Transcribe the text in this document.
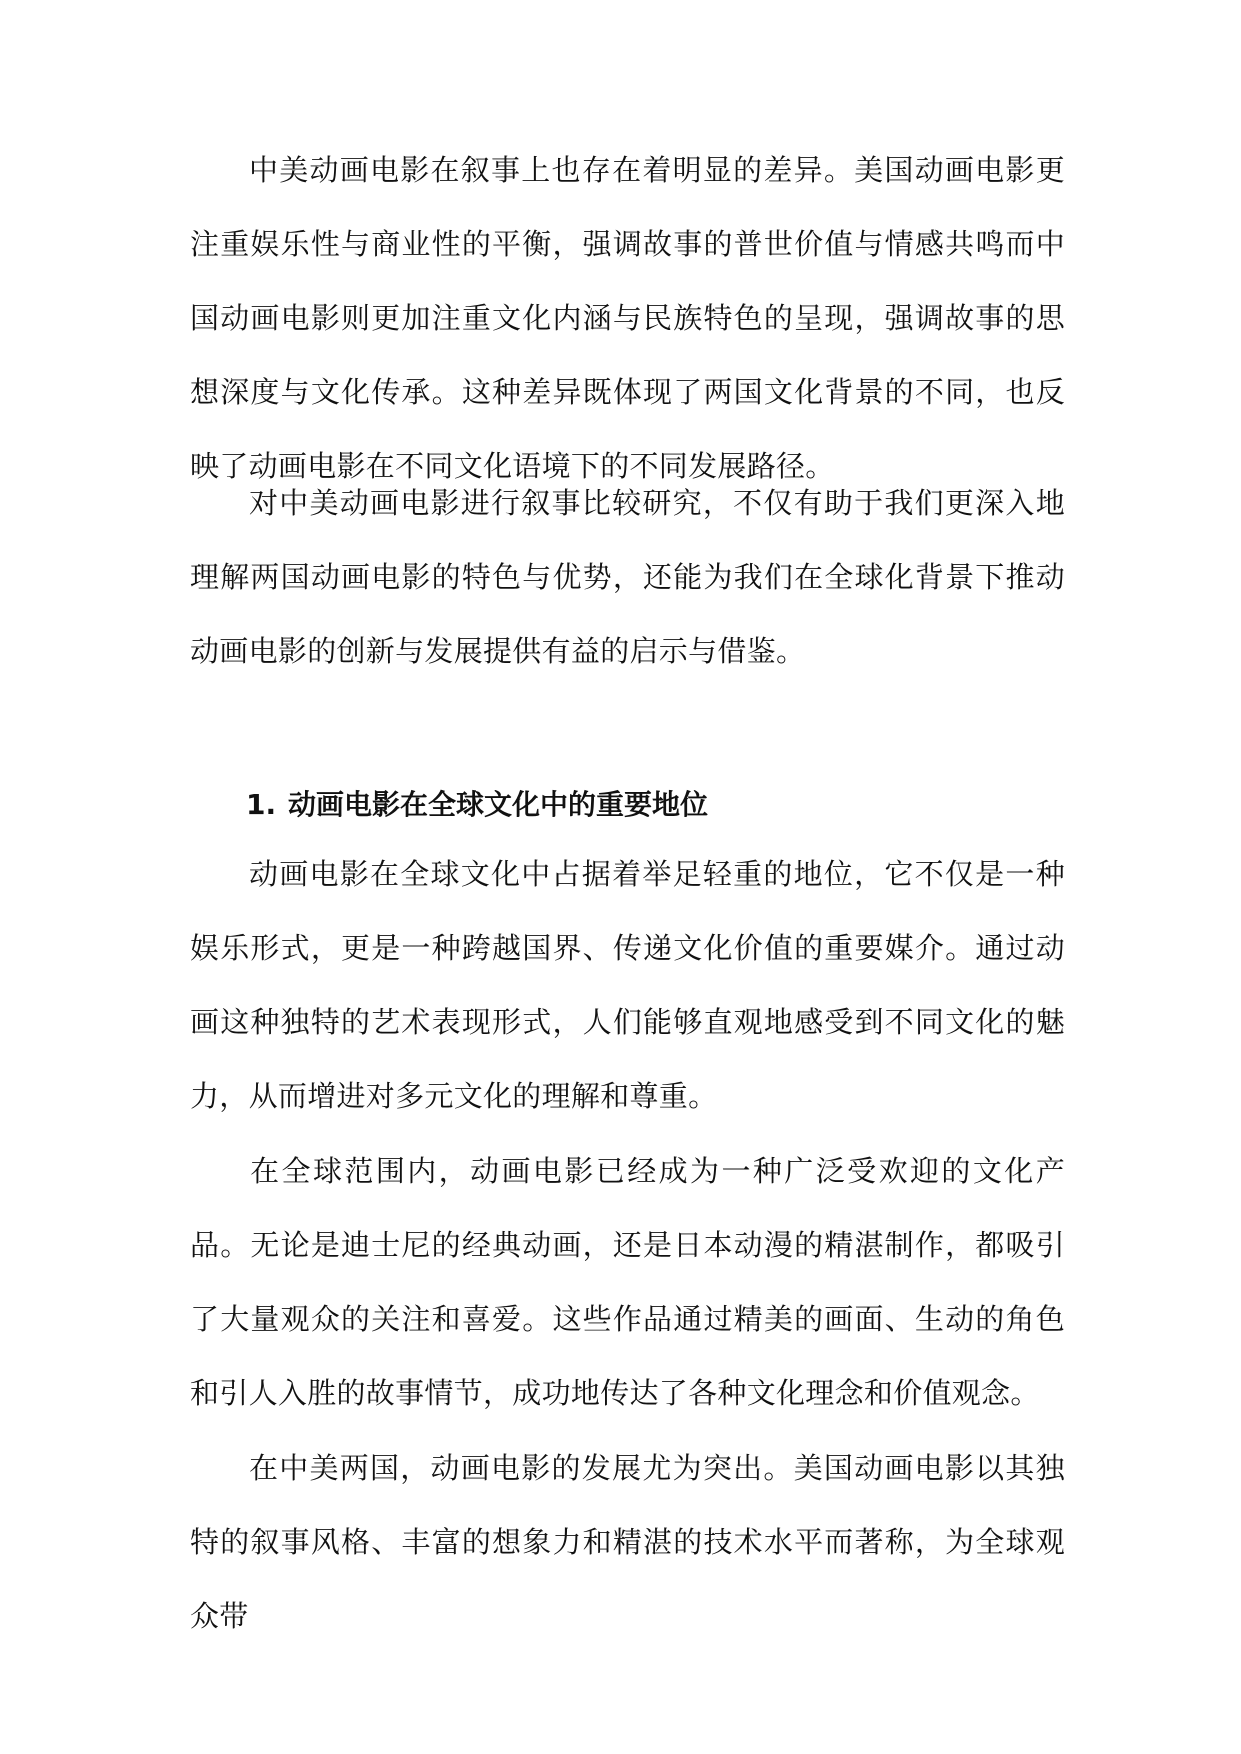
中美动画电影在叙事上也存在着明显的差异。美国动画电影更注重娱乐性与商业性的平衡，强调故事的普世价值与情感共鸣而中国动画电影则更加注重文化内涵与民族特色的呈现，强调故事的思想深度与文化传承。这种差异既体现了两国文化背景的不同，也反映了动画电影在不同文化语境下的不同发展路径。

对中美动画电影进行叙事比较研究，不仅有助于我们更深入地理解两国动画电影的特色与优势，还能为我们在全球化背景下推动动画电影的创新与发展提供有益的启示与借鉴。

1. 动画电影在全球文化中的重要地位

动画电影在全球文化中占据着举足轻重的地位，它不仅是一种娱乐形式，更是一种跨越国界、传递文化价值的重要媒介。通过动画这种独特的艺术表现形式，人们能够直观地感受到不同文化的魅力，从而增进对多元文化的理解和尊重。

在全球范围内，动画电影已经成为一种广泛受欢迎的文化产品。无论是迪士尼的经典动画，还是日本动漫的精湛制作，都吸引了大量观众的关注和喜爱。这些作品通过精美的画面、生动的角色和引人入胜的故事情节，成功地传达了各种文化理念和价值观念。

在中美两国，动画电影的发展尤为突出。美国动画电影以其独特的叙事风格、丰富的想象力和精湛的技术水平而著称，为全球观众带
